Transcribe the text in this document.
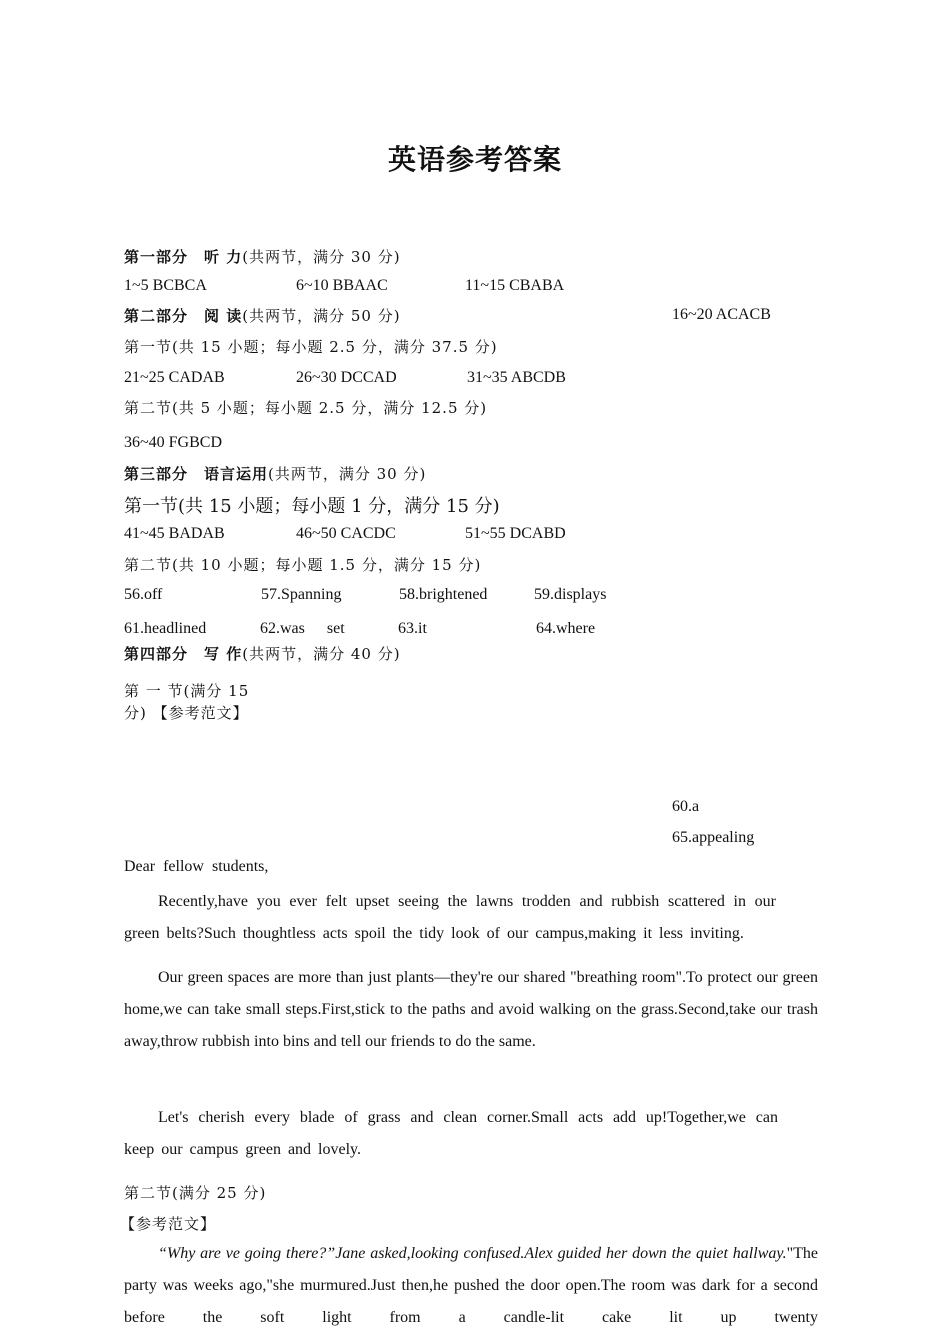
英语参考答案
第一部分　听 力(共两节，满分 30 分)
1~5 BCBCA	6~10 BBAAC	11~15 CBABA
16~20 ACACB
第二部分　阅 读(共两节，满分 50 分)
第一节(共 15 小题；每小题 2.5 分，满分 37.5 分)
21~25 CADAB	26~30 DCCAD	31~35 ABCDB
第二节(共 5 小题；每小题 2.5 分，满分 12.5 分)
36~40 FGBCD
第三部分　语言运用(共两节，满分 30 分)
第一节(共 15 小题；每小题 1 分，满分 15 分)
41~45 BADAB	46~50 CACDC	51~55 DCABD
第二节(共 10 小题；每小题 1.5 分，满分 15 分)
56.off	57.Spanning	58.brightened	59.displays
60.a
61.headlined	62.was set	63.it	64.where
65.appealing
第四部分　写 作(共两节，满分 40 分)
第 一 节(满分 15
分) 【参考范文】
Dear fellow students,
Recently,have you ever felt upset seeing the lawns trodden and rubbish scattered in our green belts?Such thoughtless acts spoil the tidy look of our campus,making it less inviting.
Our green spaces are more than just plants—they're our shared "breathing room".To protect our green home,we can take small steps.First,stick to the paths and avoid walking on the grass.Second,take our trash away,throw rubbish into bins and tell our friends to do the same.
Let's cherish every blade of grass and clean corner.Small acts add up!Together,we can keep our campus green and lovely.
第二节(满分 25 分)
【参考范文】
“Why are ve going there?”Jane asked,looking confused.Alex guided her down the quiet hallway."The party was weeks ago,"she murmured.Just then,he pushed the door open.The room was dark for a second before the soft light from a candle-lit cake lit up twenty
